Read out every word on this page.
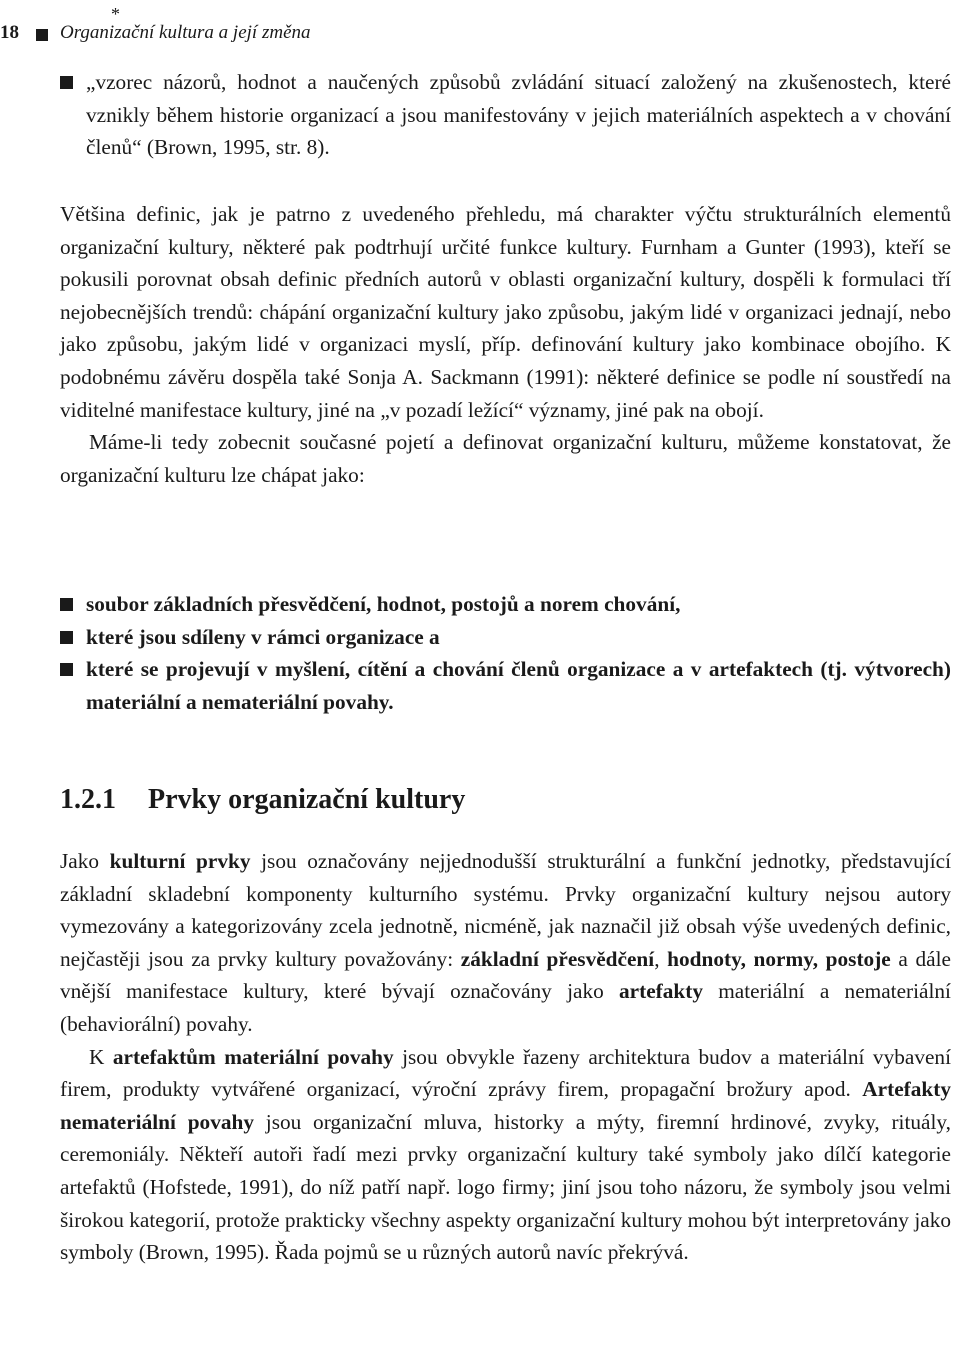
18 Organizační kultura a její změna
*
„vzorec názorů, hodnot a naučených způsobů zvládání situací založený na zkušenostech, které vznikly během historie organizací a jsou manifestovány v jejich materiálních aspektech a v chování členů“ (Brown, 1995, str. 8).

Většina definic, jak je patrno z uvedeného přehledu, má charakter výčtu strukturálních elementů organizační kultury, některé pak podtrhují určité funkce kultury. Furnham a Gunter (1993), kteří se pokusili porovnat obsah definic předních autorů v oblasti organizační kultury, dospěli k formulaci tří nejobecnějších trendů: chápání organizační kultury jako způsobu, jakým lidé v organizaci jednají, nebo jako způsobu, jakým lidé v organizaci myslí, příp. definování kultury jako kombinace obojího. K podobnému závěru dospěla také Sonja A. Sackmann (1991): některé definice se podle ní soustředí na viditelné manifestace kultury, jiné na „v pozadí ležící“ významy, jiné pak na obojí.

Máme-li tedy zobecnit současné pojetí a definovat organizační kulturu, můžeme konstatovat, že organizační kulturu lze chápat jako:

soubor základních přesvědčení, hodnot, postojů a norem chování,
které jsou sdíleny v rámci organizace a
které se projevují v myšlení, cítění a chování členů organizace a v artefaktech (tj. výtvorech) materiální a nemateriální povahy.
1.2.1 Prvky organizační kultury

Jako kulturní prvky jsou označovány nejjednodušší strukturální a funkční jednotky, představující základní skladební komponenty kulturního systému. Prvky organizační kultury nejsou autory vymezovány a kategorizovány zcela jednotně, nicméně, jak naznačil již obsah výše uvedených definic, nejčastěji jsou za prvky kultury považovány: základní přesvědčení, hodnoty, normy, postoje a dále vnější manifestace kultury, které bývají označovány jako artefakty materiální a nemateriální (behaviorální) povahy.

K artefaktům materiální povahy jsou obvykle řazeny architektura budov a materiální vybavení firem, produkty vytvářené organizací, výroční zprávy firem, propagační brožury apod. Artefakty nemateriální povahy jsou organizační mluva, historky a mýty, firemní hrdinové, zvyky, rituály, ceremoniály. Někteří autoři řadí mezi prvky organizační kultury také symboly jako dílčí kategorie artefaktů (Hofstede, 1991), do níž patří např. logo firmy; jiní jsou toho názoru, že symboly jsou velmi širokou kategorií, protože prakticky všechny aspekty organizační kultury mohou být interpretovány jako symboly (Brown, 1995). Řada pojmů se u různých autorů navíc překrývá.
